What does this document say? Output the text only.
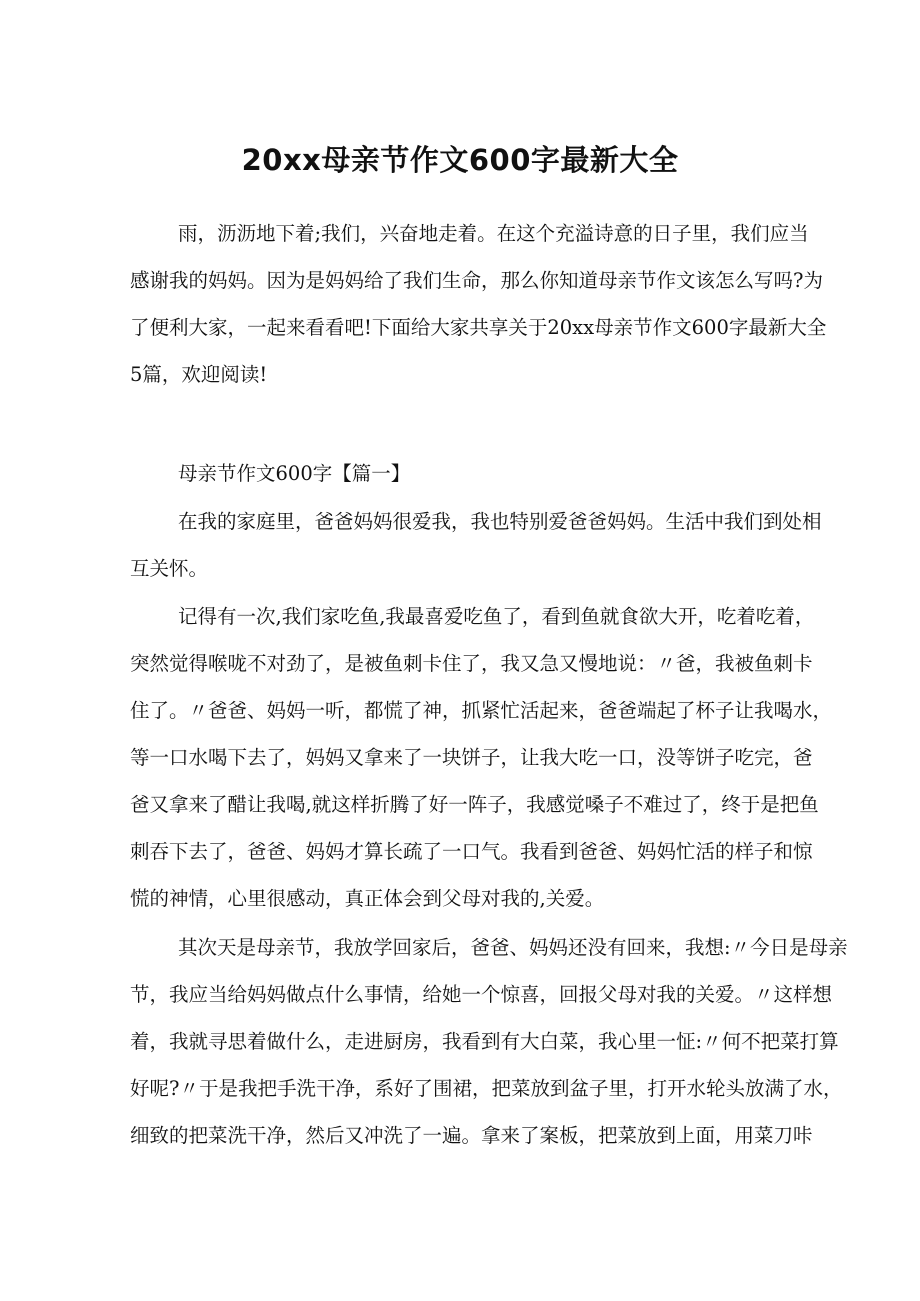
20xx母亲节作文600字最新大全
雨，沥沥地下着;我们，兴奋地走着。在这个充溢诗意的日子里，我们应当
感谢我的妈妈。因为是妈妈给了我们生命，那么你知道母亲节作文该怎么写吗?为
了便利大家，一起来看看吧!下面给大家共享关于20xx母亲节作文600字最新大全
5篇，欢迎阅读!
母亲节作文600字【篇一】
在我的家庭里，爸爸妈妈很爱我，我也特别爱爸爸妈妈。生活中我们到处相
互关怀。
记得有一次,我们家吃鱼,我最喜爱吃鱼了，看到鱼就食欲大开，吃着吃着，
突然觉得喉咙不对劲了，是被鱼刺卡住了，我又急又慢地说：〃爸，我被鱼刺卡
住了。〃爸爸、妈妈一听，都慌了神，抓紧忙活起来，爸爸端起了杯子让我喝水，
等一口水喝下去了，妈妈又拿来了一块饼子，让我大吃一口，没等饼子吃完，爸
爸又拿来了醋让我喝,就这样折腾了好一阵子，我感觉嗓子不难过了，终于是把鱼
刺吞下去了，爸爸、妈妈才算长疏了一口气。我看到爸爸、妈妈忙活的样子和惊
慌的神情，心里很感动，真正体会到父母对我的,关爱。
其次天是母亲节，我放学回家后，爸爸、妈妈还没有回来，我想:〃今日是母亲
节，我应当给妈妈做点什么事情，给她一个惊喜，回报父母对我的关爱。〃这样想
着，我就寻思着做什么，走进厨房，我看到有大白菜，我心里一怔:〃何不把菜打算
好呢?〃于是我把手洗干净，系好了围裙，把菜放到盆子里，打开水轮头放满了水，
细致的把菜洗干净，然后又冲洗了一遍。拿来了案板，把菜放到上面，用菜刀咔
